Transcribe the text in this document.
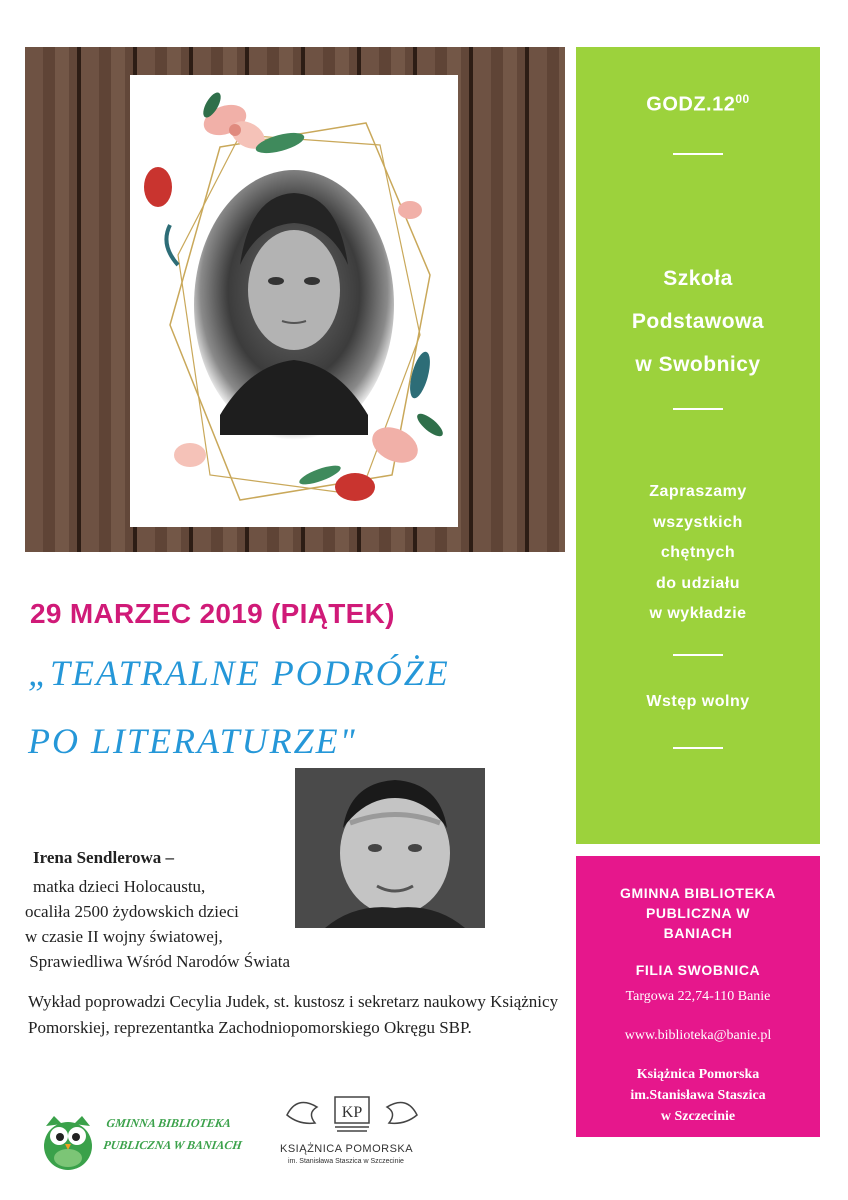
$GODZ.12^{00}$
Szkoła
Podstawowa
w Swobnicy
Zapraszamy
wszystkich
chętnych
do udziału
w wykładzie
Wstęp wolny
GMINNA BIBLIOTEKA
PUBLICZNA W
BANIACH
FILIA SWOBNICA
Targowa 22,74-110 Banie
www.biblioteka@banie.pl
Książnica Pomorska
im.Stanisława Staszica
w Szczecinie
29 MARZEC 2019 (PIĄTEK)
„TEATRALNE PODRÓŻE
PO LITERATURZE"
Irena Sendlerowa –
matka dzieci Holocaustu,
ocaliła 2500 żydowskich dzieci
w czasie II wojny światowej,
Sprawiedliwa Wśród Narodów Świata
Wykład poprowadzi Cecylia Judek, st. kustosz i sekretarz naukowy Książnicy Pomorskiej, reprezentantka Zachodniopomorskiego Okręgu SBP.
GMINNA BIBLIOTEKA
PUBLICZNA W BANIACH
KP
KSIĄŻNICA POMORSKA
im. Stanisława Staszica w Szczecinie
